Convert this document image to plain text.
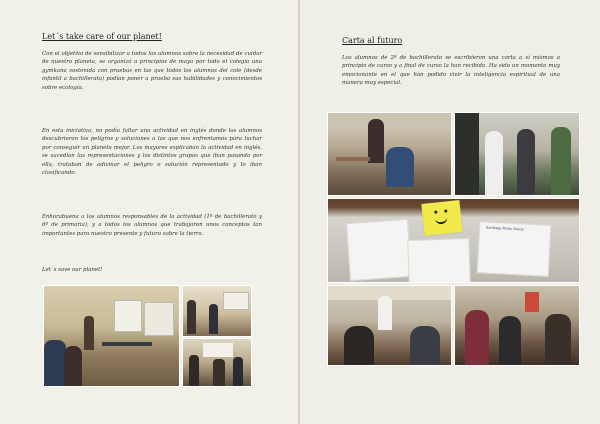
Let´s take care of our planet!

Con el objetivo de sensibilizar a todos los alumnos sobre la necesidad de cuidar de nuestro planeta, se organizó a principios de mayo por todo el colegio una gymkana sostenida con pruebas en las que todos los alumnos del cole (desde infantil a bachillerato) podían poner a prueba sus habilidades y conocimientos sobre ecología.

En esta iniciativa, no podía faltar una actividad en inglés donde los alumnos descubrieran los peligros y soluciones a las que nos enfrentamos para luchar por conseguir un planeta mejor. Los mayores explicaban la actividad en inglés, se sucedían las representaciones y los distintos grupos que iban pasando por ella, trataban de adivinar el peligro o solución representado y lo iban clasificando.

Enhorabuena a los alumnos responsables de la actividad (1º de bachillerato y 6º de primaria), y a todos los alumnos que trabajaron unos conceptos tan importantes para nuestro presente y futuro sobre la tierra.

Let´s save our planet!

Carta al futuro

Los alumnos de 2º de bachillerato se escribieron una carta a sí mismos a principio de curso y a final de curso la han recibido. Ha sido un momento muy emocionante en el que han podido vivir la inteligencia espiritual de una manera muy especial.

Santiago Rivas Alanis
